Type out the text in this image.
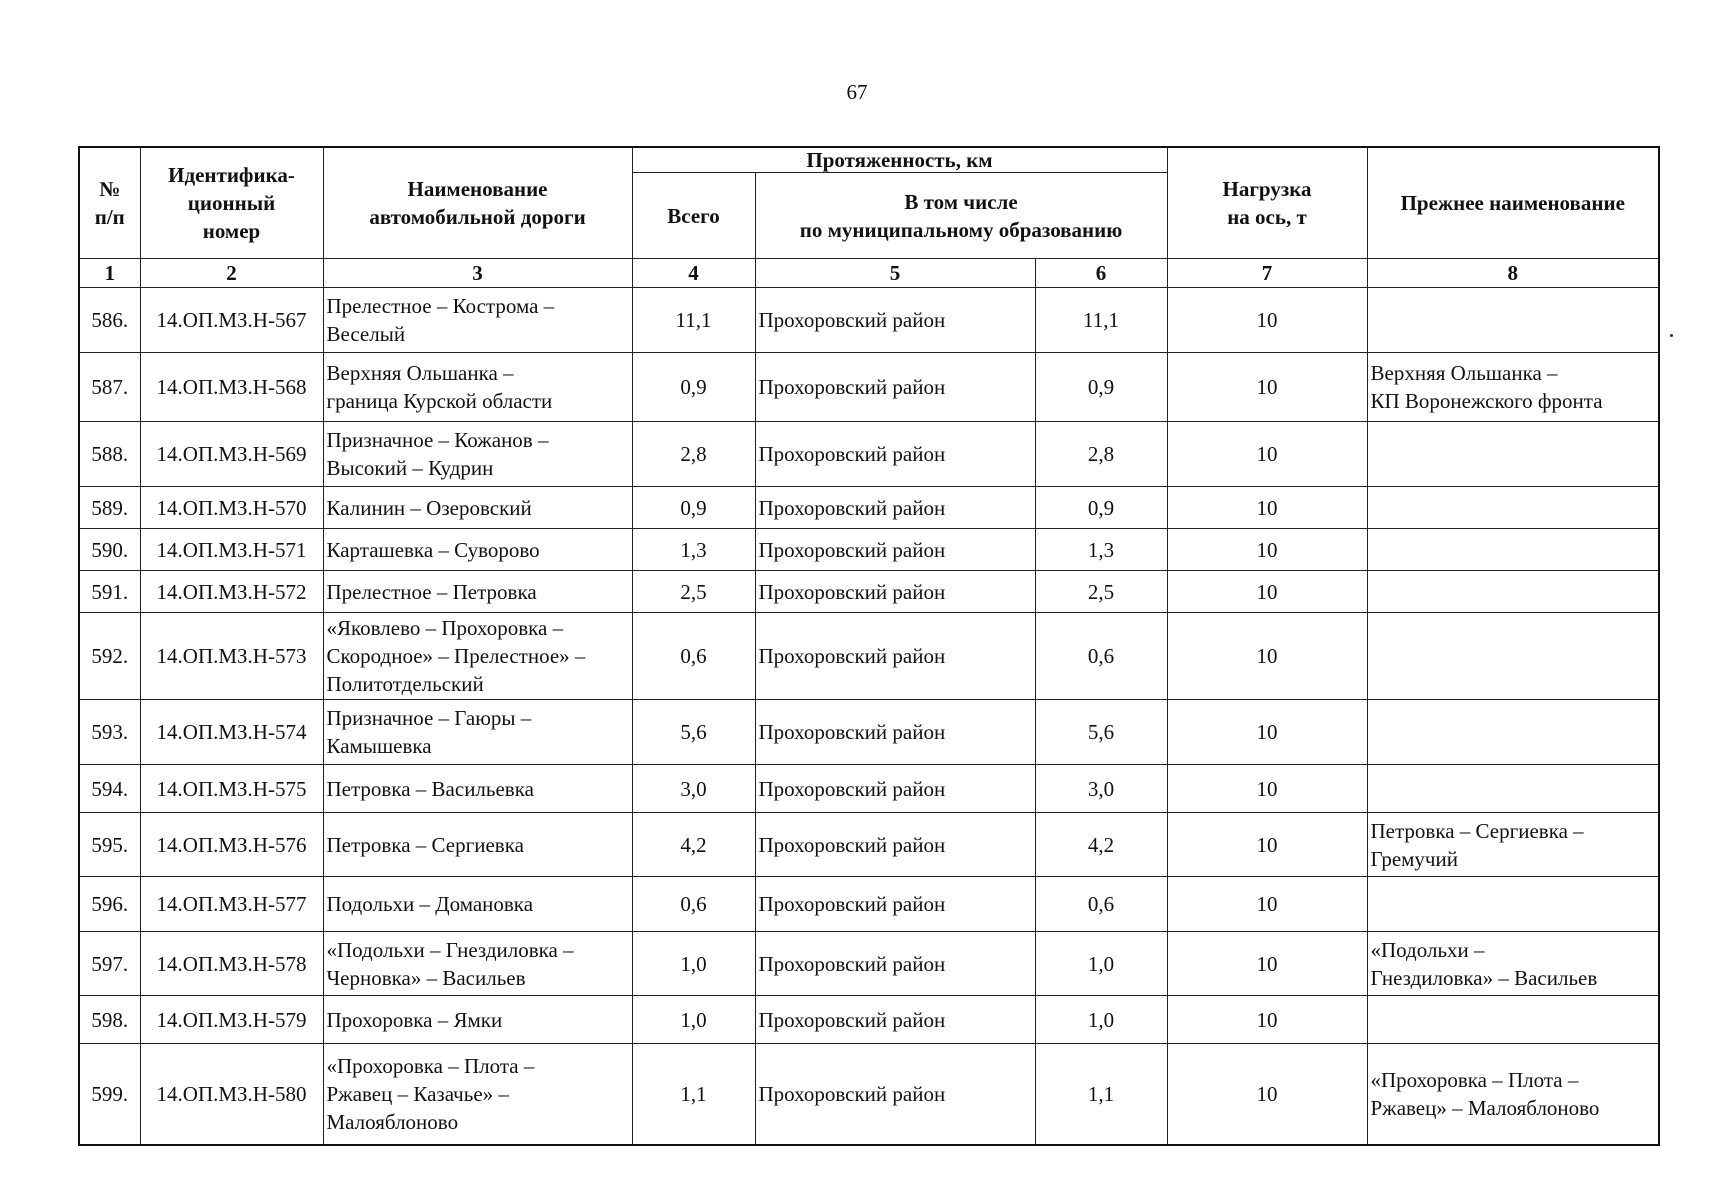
67
№
п/п	Идентифика-
ционный
номер	Наименование
автомобильной дороги	Протяженность, км			Нагрузка
на ось, т	Прежнее наименование
			Всего	В том числе
по муниципальному образованию			
1	2	3	4	5	6	7	8
586.	14.ОП.МЗ.Н-567	Прелестное – Кострома –
Веселый	11,1	Прохоровский район	11,1	10	
587.	14.ОП.МЗ.Н-568	Верхняя Ольшанка –
граница Курской области	0,9	Прохоровский район	0,9	10	Верхняя Ольшанка –
КП Воронежского фронта
588.	14.ОП.МЗ.Н-569	Призначное – Кожанов –
Высокий – Кудрин	2,8	Прохоровский район	2,8	10	
589.	14.ОП.МЗ.Н-570	Калинин – Озеровский	0,9	Прохоровский район	0,9	10	
590.	14.ОП.МЗ.Н-571	Карташевка – Суворово	1,3	Прохоровский район	1,3	10	
591.	14.ОП.МЗ.Н-572	Прелестное – Петровка	2,5	Прохоровский район	2,5	10	
592.	14.ОП.МЗ.Н-573	«Яковлево – Прохоровка –
Скородное» – Прелестное» –
Политотдельский	0,6	Прохоровский район	0,6	10	
593.	14.ОП.МЗ.Н-574	Призначное – Гаюры –
Камышевка	5,6	Прохоровский район	5,6	10	
594.	14.ОП.МЗ.Н-575	Петровка – Васильевка	3,0	Прохоровский район	3,0	10	
595.	14.ОП.МЗ.Н-576	Петровка – Сергиевка	4,2	Прохоровский район	4,2	10	Петровка – Сергиевка –
Гремучий
596.	14.ОП.МЗ.Н-577	Подольхи – Домановка	0,6	Прохоровский район	0,6	10	
597.	14.ОП.МЗ.Н-578	«Подольхи – Гнездиловка –
Черновка» – Васильев	1,0	Прохоровский район	1,0	10	«Подольхи –
Гнездиловка» – Васильев
598.	14.ОП.МЗ.Н-579	Прохоровка – Ямки	1,0	Прохоровский район	1,0	10	
599.	14.ОП.МЗ.Н-580	«Прохоровка – Плота –
Ржавец – Казачье» –
Малояблоново	1,1	Прохоровский район	1,1	10	«Прохоровка – Плота –
Ржавец» – Малояблоново
